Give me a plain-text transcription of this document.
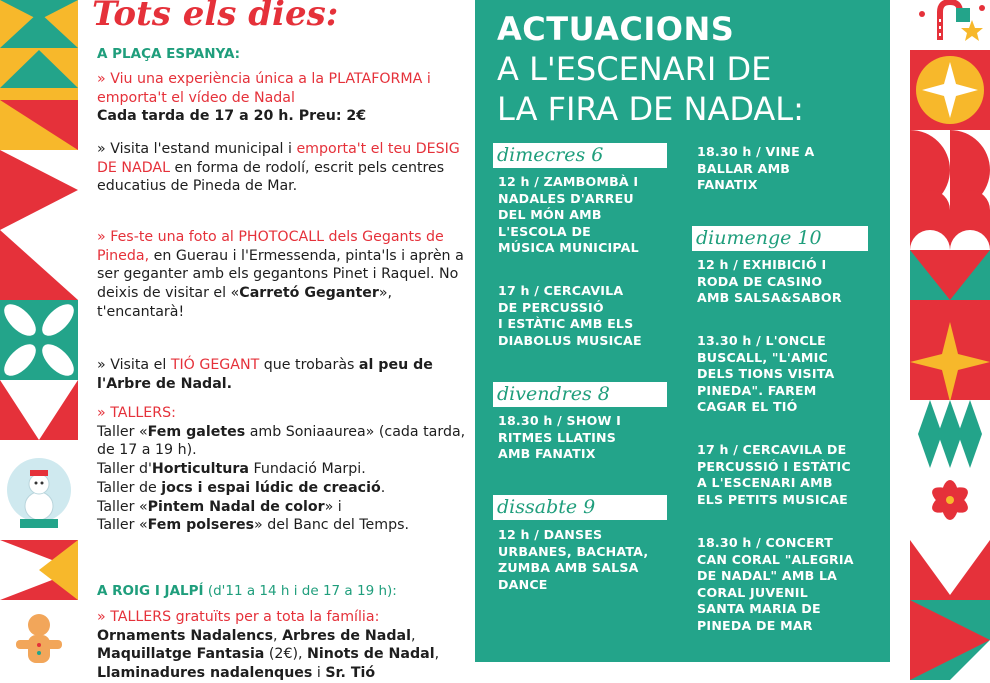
Tots els dies:
A PLAÇA ESPANYA:
» Viu una experiència única a la PLATAFORMA i emporta't el vídeo de Nadal
Cada tarda de 17 a 20 h. Preu: 2€
» Visita l'estand municipal i emporta't el teu DESIG DE NADAL en forma de rodolí, escrit pels centres educatius de Pineda de Mar.
» Fes-te una foto al PHOTOCALL dels Gegants de Pineda, en Guerau i l'Ermessenda, pinta'ls i aprèn a ser geganter amb els gegantons Pinet i Raquel. No deixis de visitar el «Carretó Geganter», t'encantarà!
» Visita el TIÓ GEGANT que trobaràs al peu de l'Arbre de Nadal.
» TALLERS:
Taller «Fem galetes amb Soniaaurea» (cada tarda, de 17 a 19 h).
Taller d'Horticultura Fundació Marpi.
Taller de jocs i espai lúdic de creació.
Taller «Pintem Nadal de color» i
Taller «Fem polseres» del Banc del Temps.
A ROIG I JALPÍ (d'11 a 14 h i de 17 a 19 h):
» TALLERS gratuïts per a tota la família:
Ornaments Nadalencs, Arbres de Nadal,
Maquillatge Fantasia (2€), Ninots de Nadal,
Llaminadures nadalenques i Sr. Tió
ACTUACIONS
A L'ESCENARI DE
LA FIRA DE NADAL:
dimecres 6
12 h / ZAMBOMBÀ I
NADALES D'ARREU
DEL MÓN AMB
L'ESCOLA DE
MÚSICA MUNICIPAL
17 h / CERCAVILA
DE PERCUSSIÓ
I ESTÀTIC AMB ELS
DIABOLUS MUSICAE
divendres 8
18.30 h / SHOW I
RITMES LLATINS
AMB FANATIX
dissabte 9
12 h / DANSES
URBANES, BACHATA,
ZUMBA AMB SALSA
DANCE
18.30 h / VINE A
BALLAR AMB
FANATIX
diumenge 10
12 h / EXHIBICIÓ I
RODA DE CASINO
AMB SALSA&SABOR
13.30 h / L'ONCLE
BUSCALL, "L'AMIC
DELS TIONS VISITA
PINEDA". FAREM
CAGAR EL TIÓ
17 h / CERCAVILA DE
PERCUSSIÓ I ESTÀTIC
A L'ESCENARI AMB
ELS PETITS MUSICAE
18.30 h / CONCERT
CAN CORAL "ALEGRIA
DE NADAL" AMB LA
CORAL JUVENIL
SANTA MARIA DE
PINEDA DE MAR
